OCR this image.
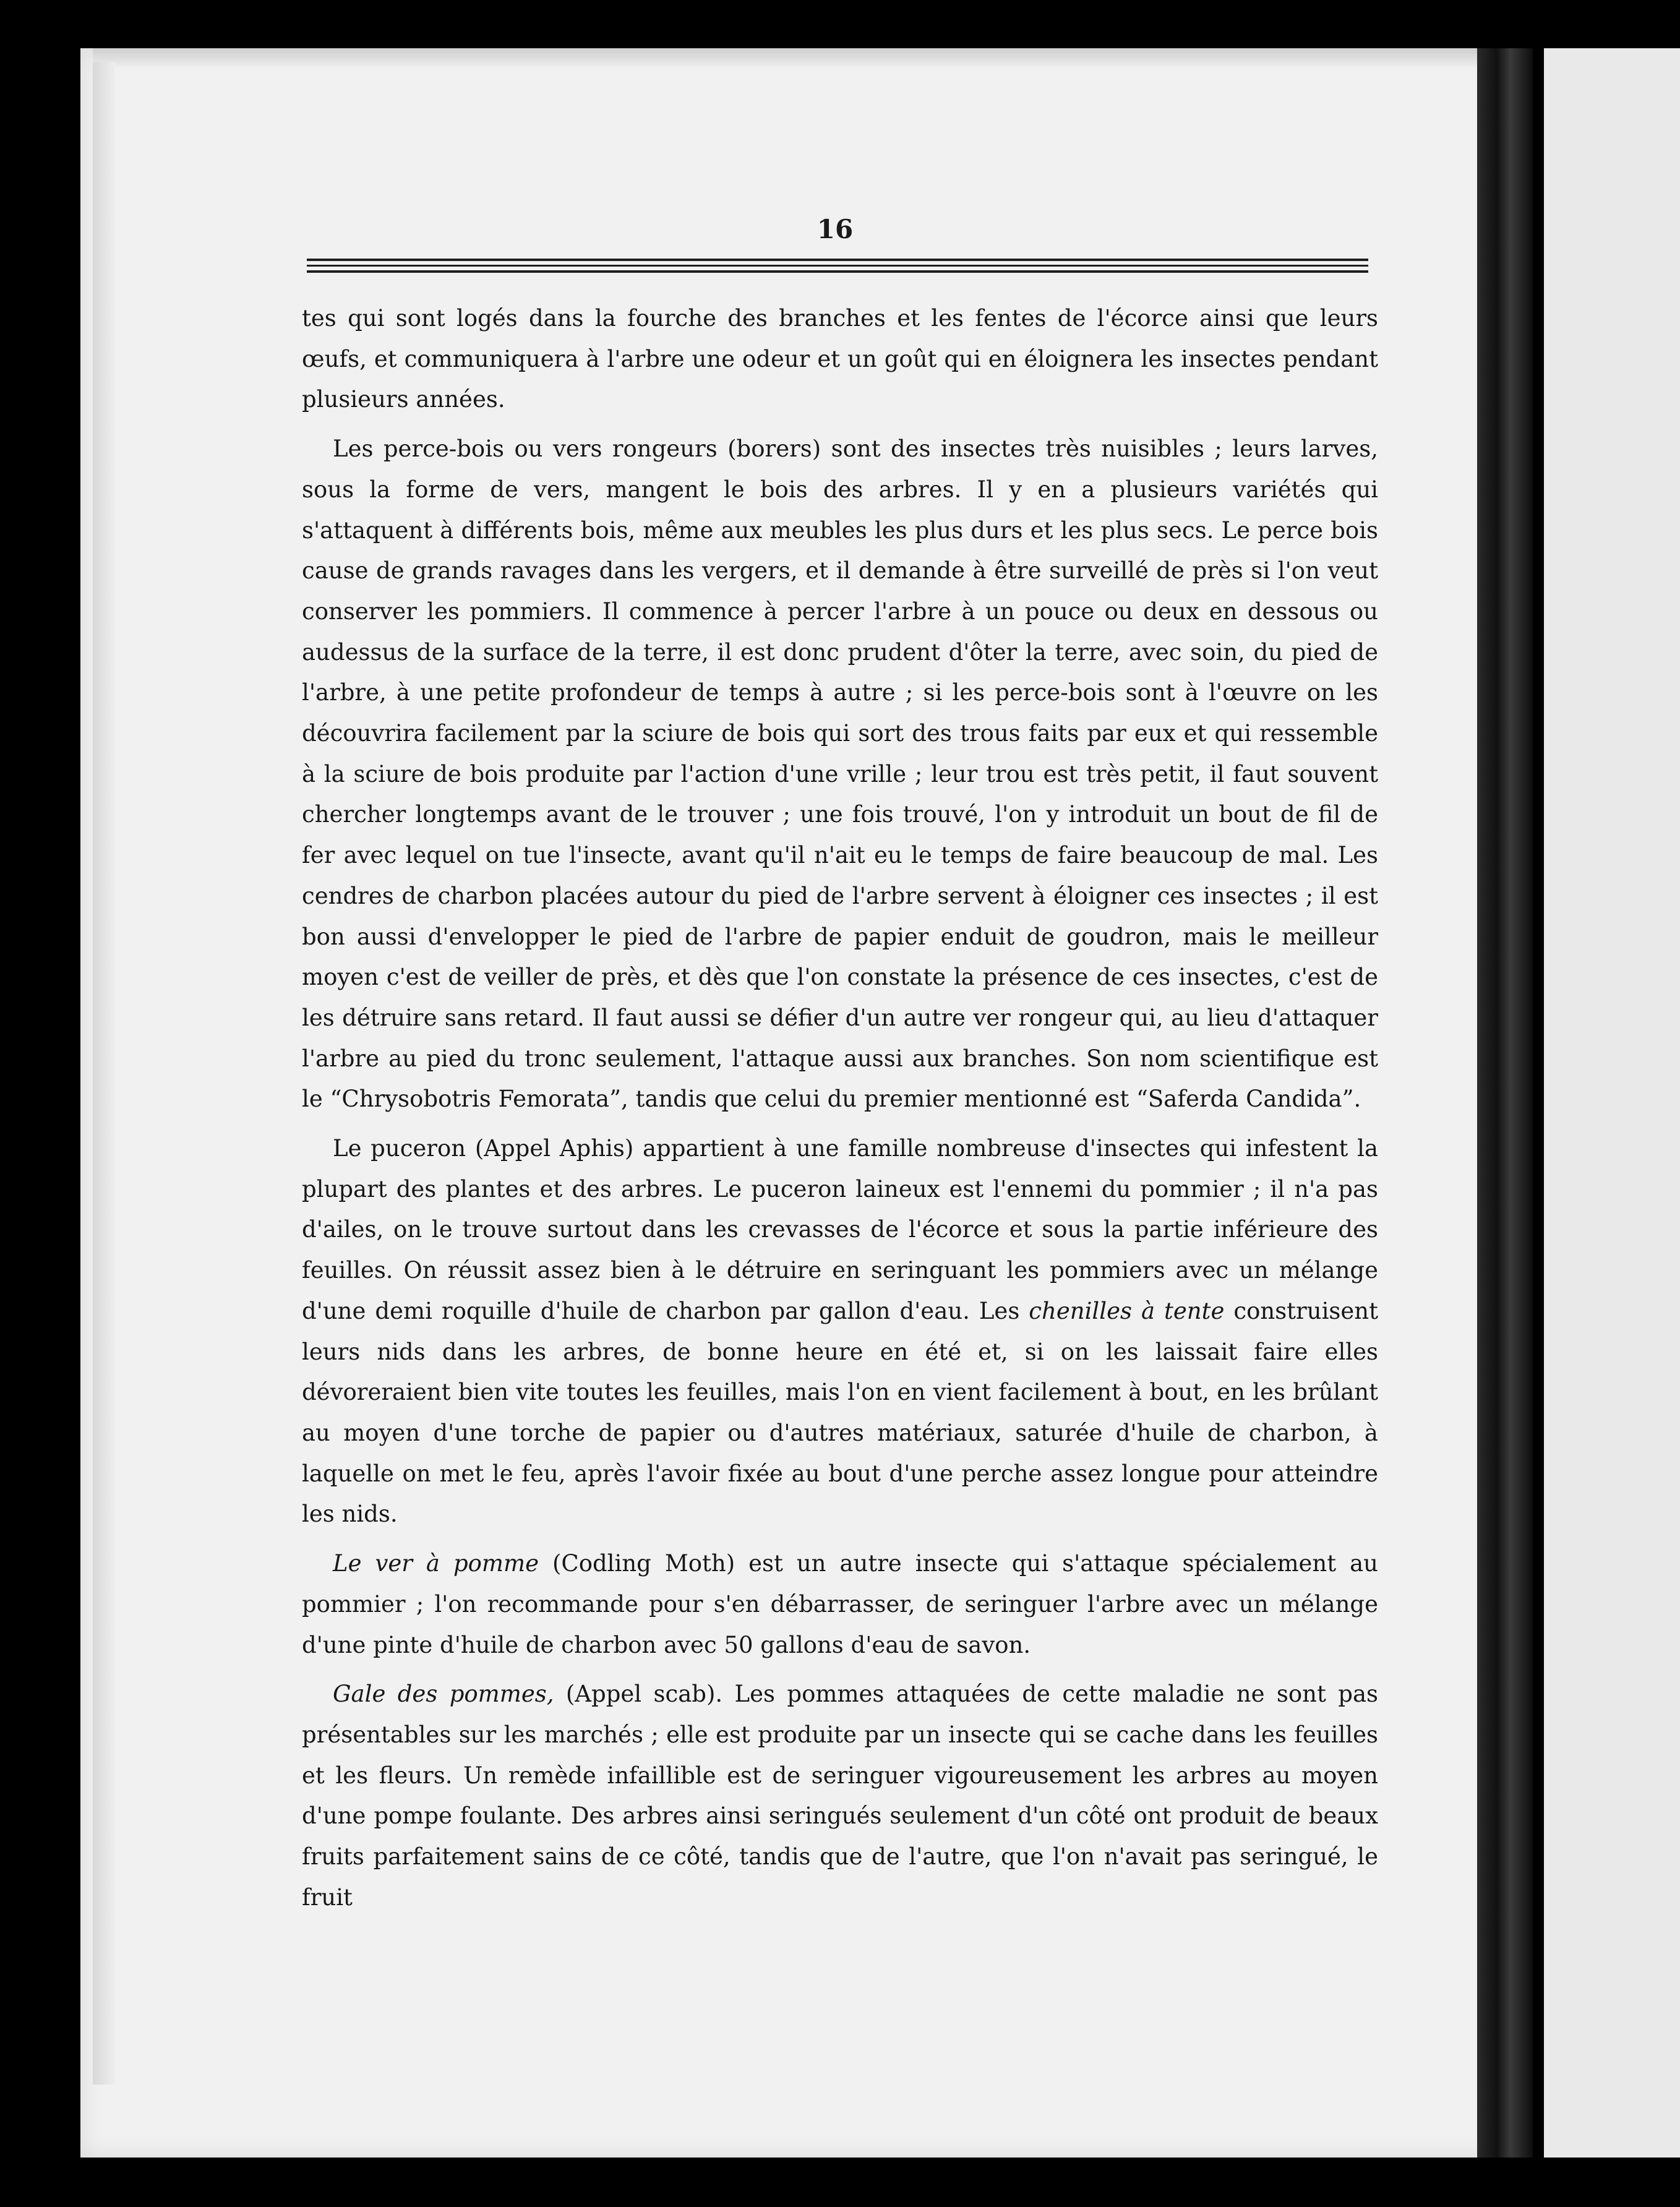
16

tes qui sont logés dans la fourche des branches et les fentes de l'écorce ainsi que leurs œufs, et communiquera à l'arbre une odeur et un goût qui en éloignera les insectes pendant plusieurs années.

Les perce-bois ou vers rongeurs (borers) sont des insectes très nuisibles ; leurs larves, sous la forme de vers, mangent le bois des arbres. Il y en a plusieurs variétés qui s'attaquent à différents bois, même aux meubles les plus durs et les plus secs. Le perce bois cause de grands ravages dans les vergers, et il demande à être surveillé de près si l'on veut conserver les pommiers. Il commence à percer l'arbre à un pouce ou deux en dessous ou audessus de la surface de la terre, il est donc prudent d'ôter la terre, avec soin, du pied de l'arbre, à une petite profondeur de temps à autre ; si les perce-bois sont à l'œuvre on les découvrira facilement par la sciure de bois qui sort des trous faits par eux et qui ressemble à la sciure de bois produite par l'action d'une vrille ; leur trou est très petit, il faut souvent chercher longtemps avant de le trouver ; une fois trouvé, l'on y introduit un bout de fil de fer avec lequel on tue l'insecte, avant qu'il n'ait eu le temps de faire beaucoup de mal. Les cendres de charbon placées autour du pied de l'arbre servent à éloigner ces insectes ; il est bon aussi d'envelopper le pied de l'arbre de papier enduit de goudron, mais le meilleur moyen c'est de veiller de près, et dès que l'on constate la présence de ces insectes, c'est de les détruire sans retard. Il faut aussi se défier d'un autre ver rongeur qui, au lieu d'attaquer l'arbre au pied du tronc seulement, l'attaque aussi aux branches. Son nom scientifique est le “Chrysobotris Femorata”, tandis que celui du premier mentionné est “Saferda Candida”.

Le puceron (Appel Aphis) appartient à une famille nombreuse d'insectes qui infestent la plupart des plantes et des arbres. Le puceron laineux est l'ennemi du pommier ; il n'a pas d'ailes, on le trouve surtout dans les crevasses de l'écorce et sous la partie inférieure des feuilles. On réussit assez bien à le détruire en seringuant les pommiers avec un mélange d'une demi roquille d'huile de charbon par gallon d'eau. Les chenilles à tente construisent leurs nids dans les arbres, de bonne heure en été et, si on les laissait faire elles dévoreraient bien vite toutes les feuilles, mais l'on en vient facilement à bout, en les brûlant au moyen d'une torche de papier ou d'autres matériaux, saturée d'huile de charbon, à laquelle on met le feu, après l'avoir fixée au bout d'une perche assez longue pour atteindre les nids.

Le ver à pomme (Codling Moth) est un autre insecte qui s'attaque spécialement au pommier ; l'on recommande pour s'en débarrasser, de seringuer l'arbre avec un mélange d'une pinte d'huile de charbon avec 50 gallons d'eau de savon.

Gale des pommes, (Appel scab). Les pommes attaquées de cette maladie ne sont pas présentables sur les marchés ; elle est produite par un insecte qui se cache dans les feuilles et les fleurs. Un remède infaillible est de seringuer vigoureusement les arbres au moyen d'une pompe foulante. Des arbres ainsi seringués seulement d'un côté ont produit de beaux fruits parfaitement sains de ce côté, tandis que de l'autre, que l'on n'avait pas seringué, le fruit
